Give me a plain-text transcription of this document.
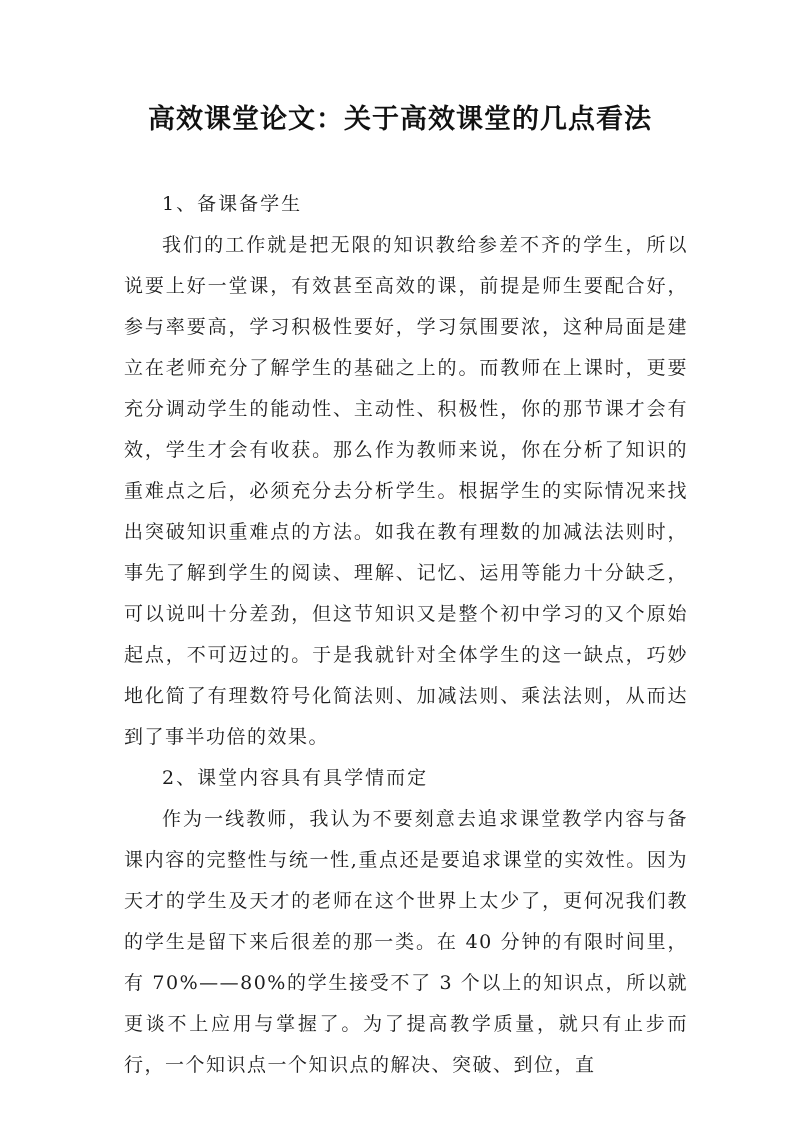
高效课堂论文：关于高效课堂的几点看法

1、备课备学生

我们的工作就是把无限的知识教给参差不齐的学生，所以说要上好一堂课，有效甚至高效的课，前提是师生要配合好，参与率要高，学习积极性要好，学习氛围要浓，这种局面是建立在老师充分了解学生的基础之上的。而教师在上课时，更要充分调动学生的能动性、主动性、积极性，你的那节课才会有效，学生才会有收获。那么作为教师来说，你在分析了知识的重难点之后，必须充分去分析学生。根据学生的实际情况来找出突破知识重难点的方法。如我在教有理数的加减法法则时，事先了解到学生的阅读、理解、记忆、运用等能力十分缺乏，可以说叫十分差劲，但这节知识又是整个初中学习的又个原始起点，不可迈过的。于是我就针对全体学生的这一缺点，巧妙地化简了有理数符号化简法则、加减法则、乘法法则，从而达到了事半功倍的效果。

2、课堂内容具有具学情而定

作为一线教师，我认为不要刻意去追求课堂教学内容与备课内容的完整性与统一性,重点还是要追求课堂的实效性。因为天才的学生及天才的老师在这个世界上太少了，更何况我们教的学生是留下来后很差的那一类。在 40 分钟的有限时间里，有 70%——80%的学生接受不了 3 个以上的知识点，所以就更谈不上应用与掌握了。为了提高教学质量，就只有止步而行，一个知识点一个知识点的解决、突破、到位，直
